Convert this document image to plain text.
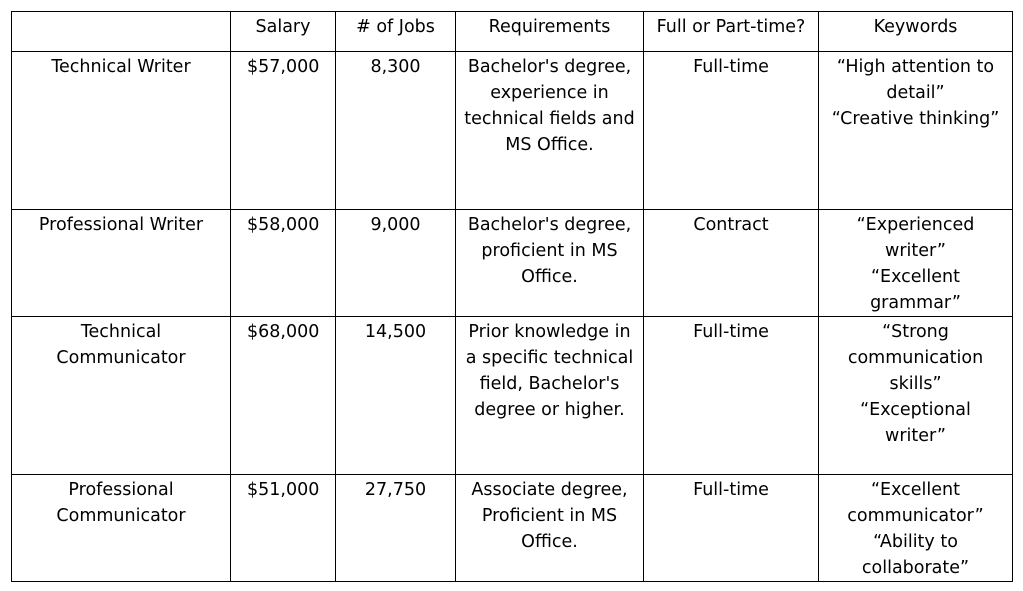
	Salary	# of Jobs	Requirements	Full or Part-time?	Keywords

Technical Writer	$57,000	8,300	Bachelor's degree,
experience in
technical fields and
MS Office.	Full-time	“High attention to
detail”
“Creative thinking”

Professional Writer	$58,000	9,000	Bachelor's degree,
proficient in MS
Office.	Contract	“Experienced
writer”
“Excellent
grammar”

Technical
Communicator	$68,000	14,500	Prior knowledge in
a specific technical
field, Bachelor's
degree or higher.	Full-time	“Strong
communication
skills”
“Exceptional
writer”

Professional
Communicator	$51,000	27,750	Associate degree,
Proficient in MS
Office.	Full-time	“Excellent
communicator”
“Ability to
collaborate”
